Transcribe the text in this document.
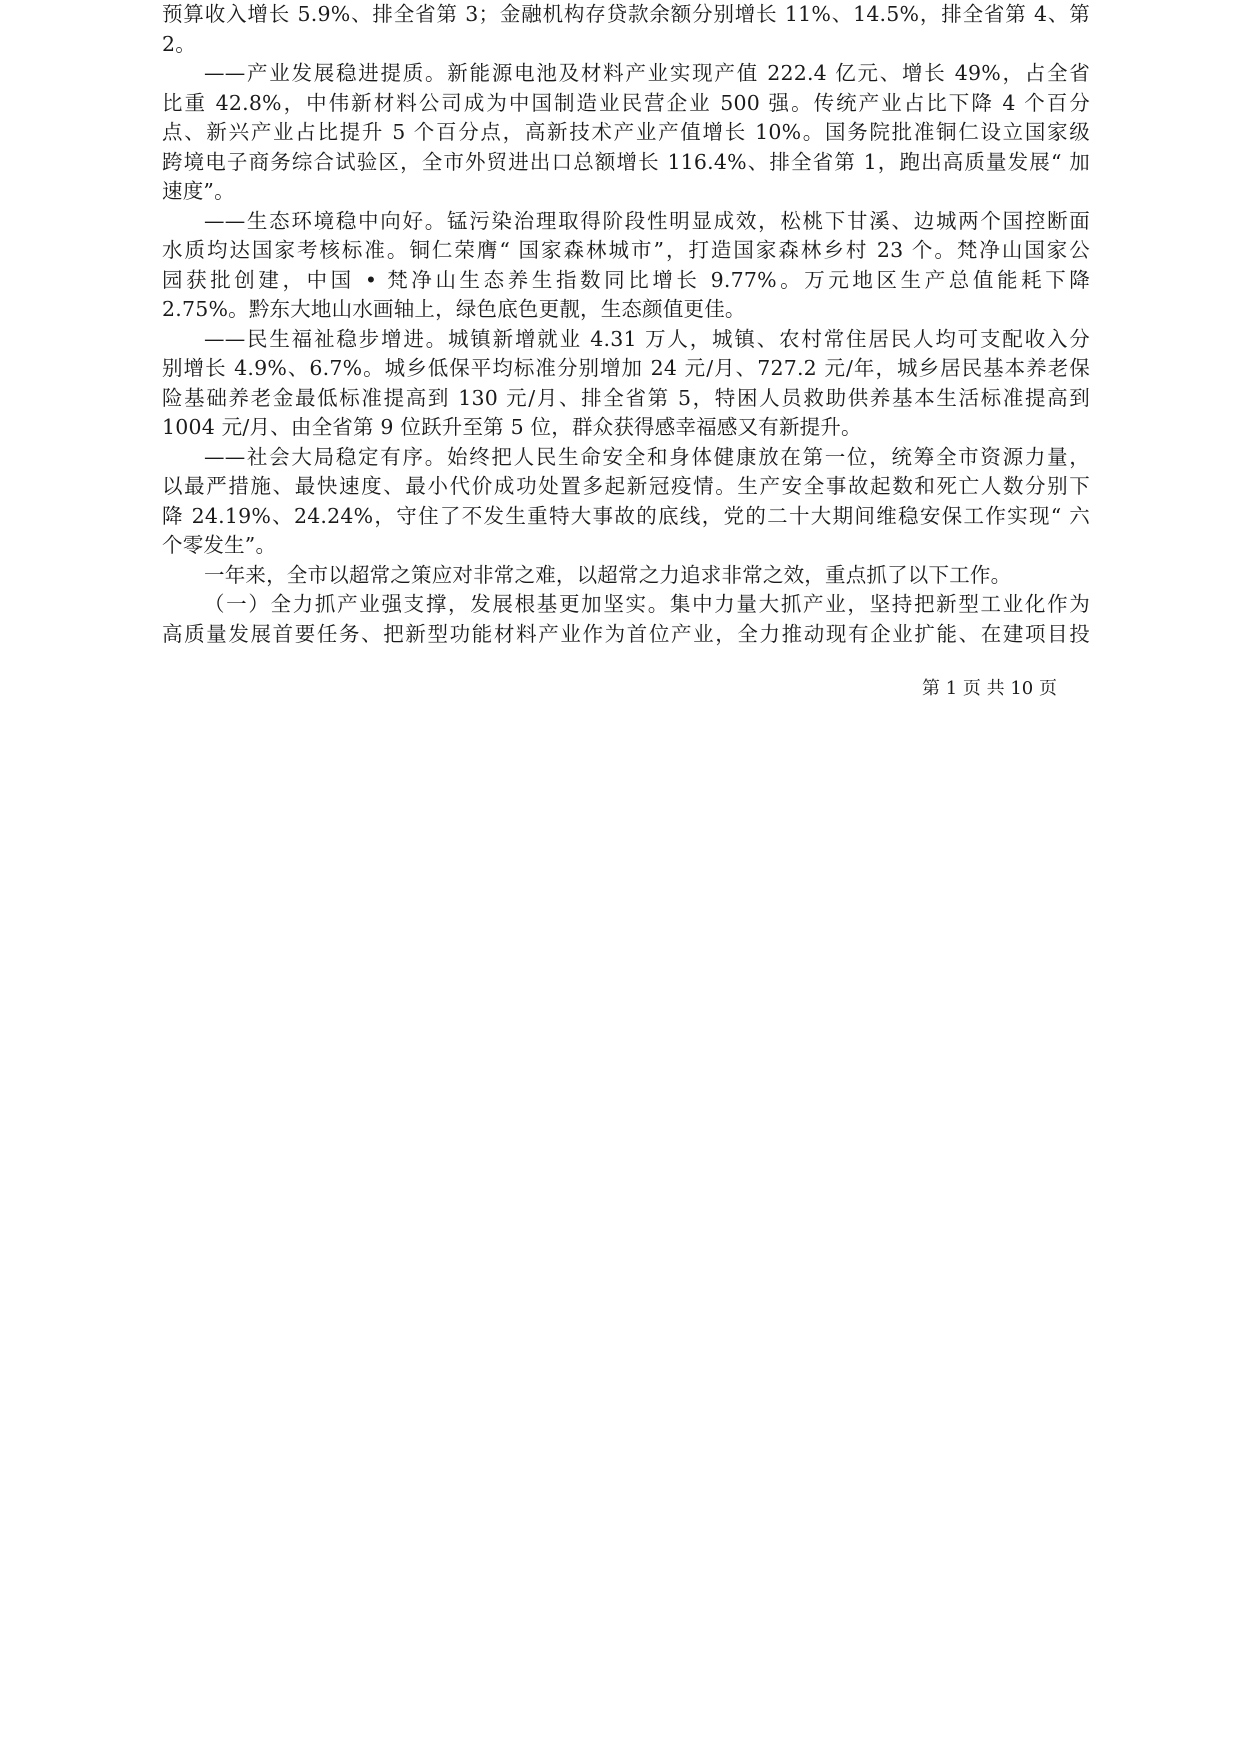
预算收入增长 5.9%、排全省第 3；金融机构存贷款余额分别增长 11%、14.5%，排全省第 4、第
2。
——产业发展稳进提质。新能源电池及材料产业实现产值 222.4 亿元、增长 49%，占全省
比重 42.8%，中伟新材料公司成为中国制造业民营企业 500 强。传统产业占比下降 4 个百分
点、新兴产业占比提升 5 个百分点，高新技术产业产值增长 10%。国务院批准铜仁设立国家级
跨境电子商务综合试验区，全市外贸进出口总额增长 116.4%、排全省第 1，跑出高质量发展“ 加
速度”。
——生态环境稳中向好。锰污染治理取得阶段性明显成效，松桃下甘溪、边城两个国控断面
水质均达国家考核标准。铜仁荣膺“ 国家森林城市”，打造国家森林乡村 23 个。梵净山国家公
园获批创建，中国 • 梵净山生态养生指数同比增长 9.77%。万元地区生产总值能耗下降
2.75%。黔东大地山水画轴上，绿色底色更靓，生态颜值更佳。
——民生福祉稳步增进。城镇新增就业 4.31 万人，城镇、农村常住居民人均可支配收入分
别增长 4.9%、6.7%。城乡低保平均标准分别增加 24 元/月、727.2 元/年，城乡居民基本养老保
险基础养老金最低标准提高到 130 元/月、排全省第 5，特困人员救助供养基本生活标准提高到
1004 元/月、由全省第 9 位跃升至第 5 位，群众获得感幸福感又有新提升。
——社会大局稳定有序。始终把人民生命安全和身体健康放在第一位，统筹全市资源力量，
以最严措施、最快速度、最小代价成功处置多起新冠疫情。生产安全事故起数和死亡人数分别下
降 24.19%、24.24%，守住了不发生重特大事故的底线，党的二十大期间维稳安保工作实现“ 六
个零发生”。
一年来，全市以超常之策应对非常之难，以超常之力追求非常之效，重点抓了以下工作。
（一）全力抓产业强支撑，发展根基更加坚实。集中力量大抓产业，坚持把新型工业化作为
高质量发展首要任务、把新型功能材料产业作为首位产业，全力推动现有企业扩能、在建项目投
第 1 页 共 10 页
